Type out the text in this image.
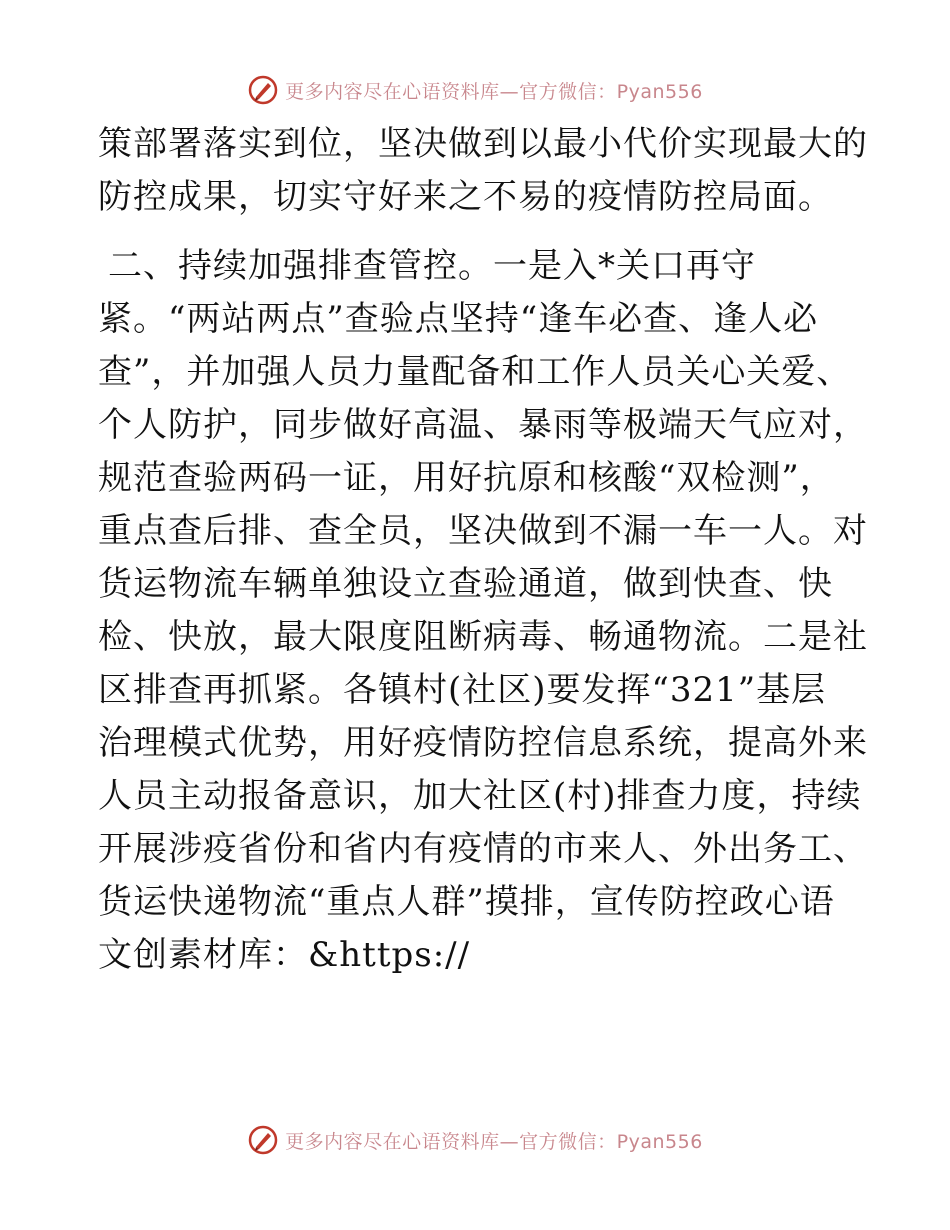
更多内容尽在心语资料库—官方微信：Pyan556
策部署落实到位，坚决做到以最小代价实现最大的
防控成果，切实守好来之不易的疫情防控局面。
二、持续加强排查管控。一是入*关口再守
紧。“两站两点”查验点坚持“逢车必查、逢人必
查”，并加强人员力量配备和工作人员关心关爱、
个人防护，同步做好高温、暴雨等极端天气应对，
规范查验两码一证，用好抗原和核酸“双检测”，
重点查后排、查全员，坚决做到不漏一车一人。对
货运物流车辆单独设立查验通道，做到快查、快
检、快放，最大限度阻断病毒、畅通物流。二是社
区排查再抓紧。各镇村(社区)要发挥“321”基层
治理模式优势，用好疫情防控信息系统，提高外来
人员主动报备意识，加大社区(村)排查力度，持续
开展涉疫省份和省内有疫情的市来人、外出务工、
货运快递物流“重点人群”摸排，宣传防控政心语
文创素材库：&https://
更多内容尽在心语资料库—官方微信：Pyan556
